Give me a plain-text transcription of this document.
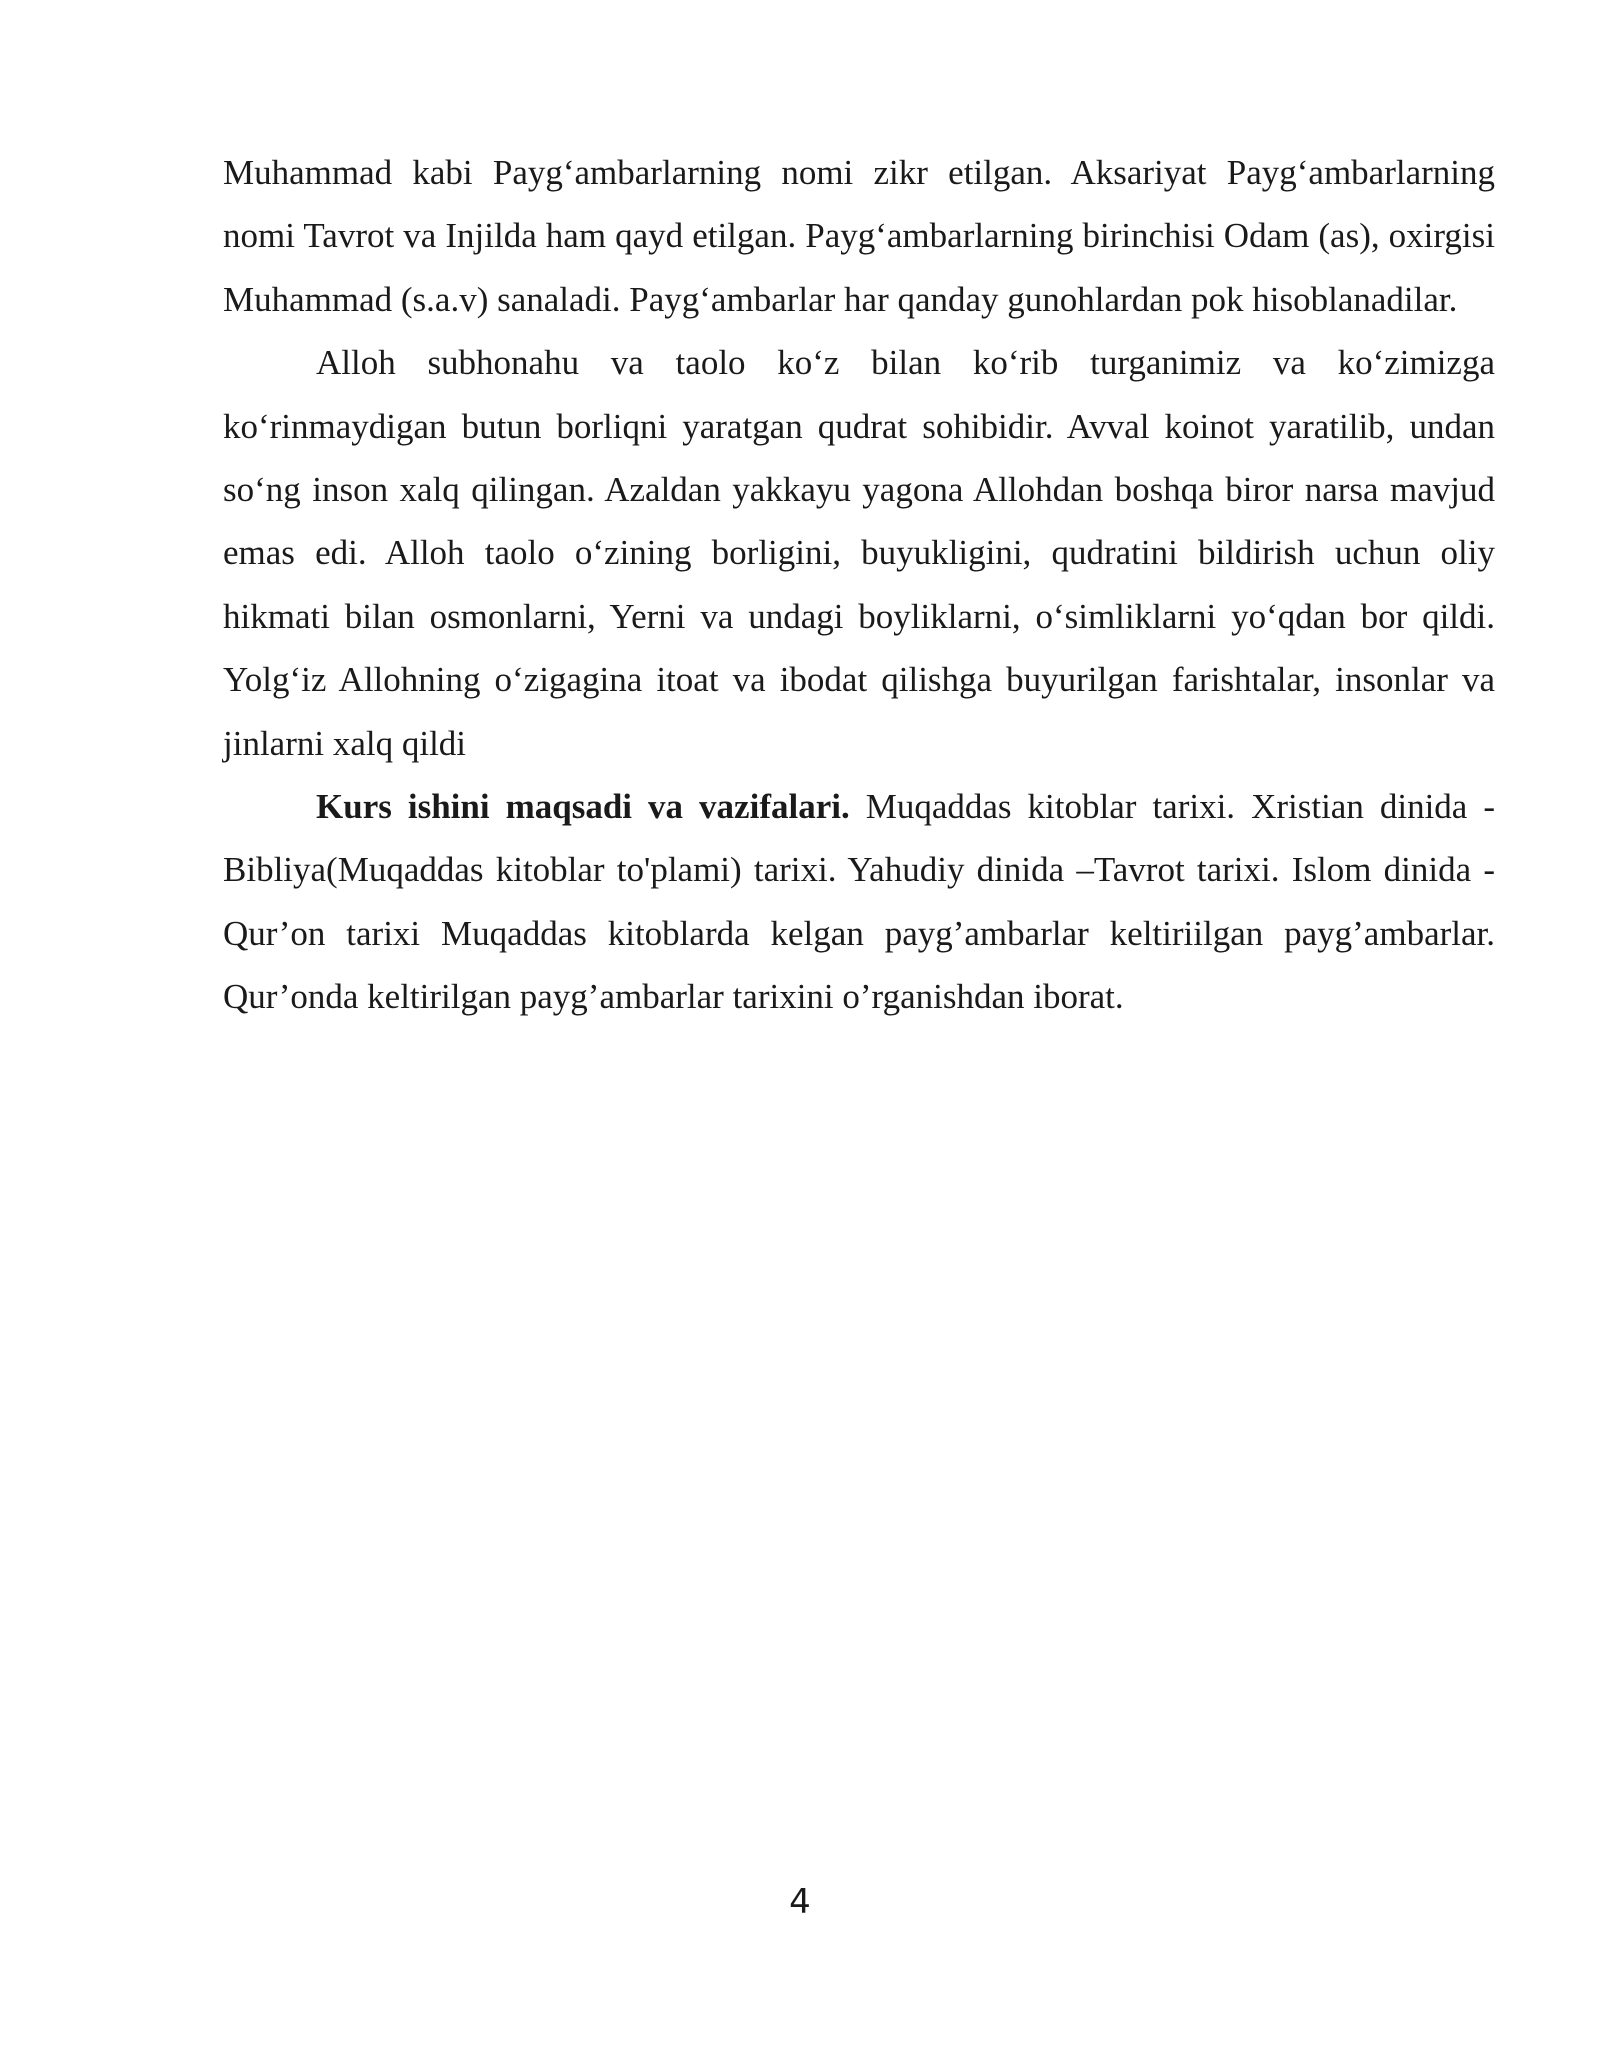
Muhammad kabi Payg‘ambarlarning nomi zikr etilgan. Aksariyat Payg‘ambarlarning nomi Tavrot va Injilda ham qayd etilgan. Payg‘ambarlarning birinchisi Odam (as), oxirgisi Muhammad (s.a.v) sanaladi. Payg‘ambarlar har qanday gunohlardan pok hisoblanadilar.

Alloh subhonahu va taolo ko‘z bilan ko‘rib turganimiz va ko‘zimizga ko‘rinmaydigan butun borliqni yaratgan qudrat sohibidir. Avval koinot yaratilib, undan so‘ng inson xalq qilingan. Azaldan yakkayu yagona Allohdan boshqa biror narsa mavjud emas edi. Alloh taolo o‘zining borligini, buyukligini, qudratini bildirish uchun oliy hikmati bilan osmonlarni, Yerni va undagi boyliklarni, o‘simliklarni yo‘qdan bor qildi. Yolg‘iz Allohning o‘zigagina itoat va ibodat qilishga buyurilgan farishtalar, insonlar va jinlarni xalq qildi

Kurs ishini maqsadi va vazifalari. Muqaddas kitoblar tarixi. Xristian dinida - Bibliya(Muqaddas kitoblar to'plami) tarixi. Yahudiy dinida –Tavrot tarixi. Islom dinida - Qur’on tarixi Muqaddas kitoblarda kelgan payg’ambarlar keltiriilgan payg’ambarlar. Qur’onda keltirilgan payg’ambarlar tarixini o’rganishdan iborat.

4
